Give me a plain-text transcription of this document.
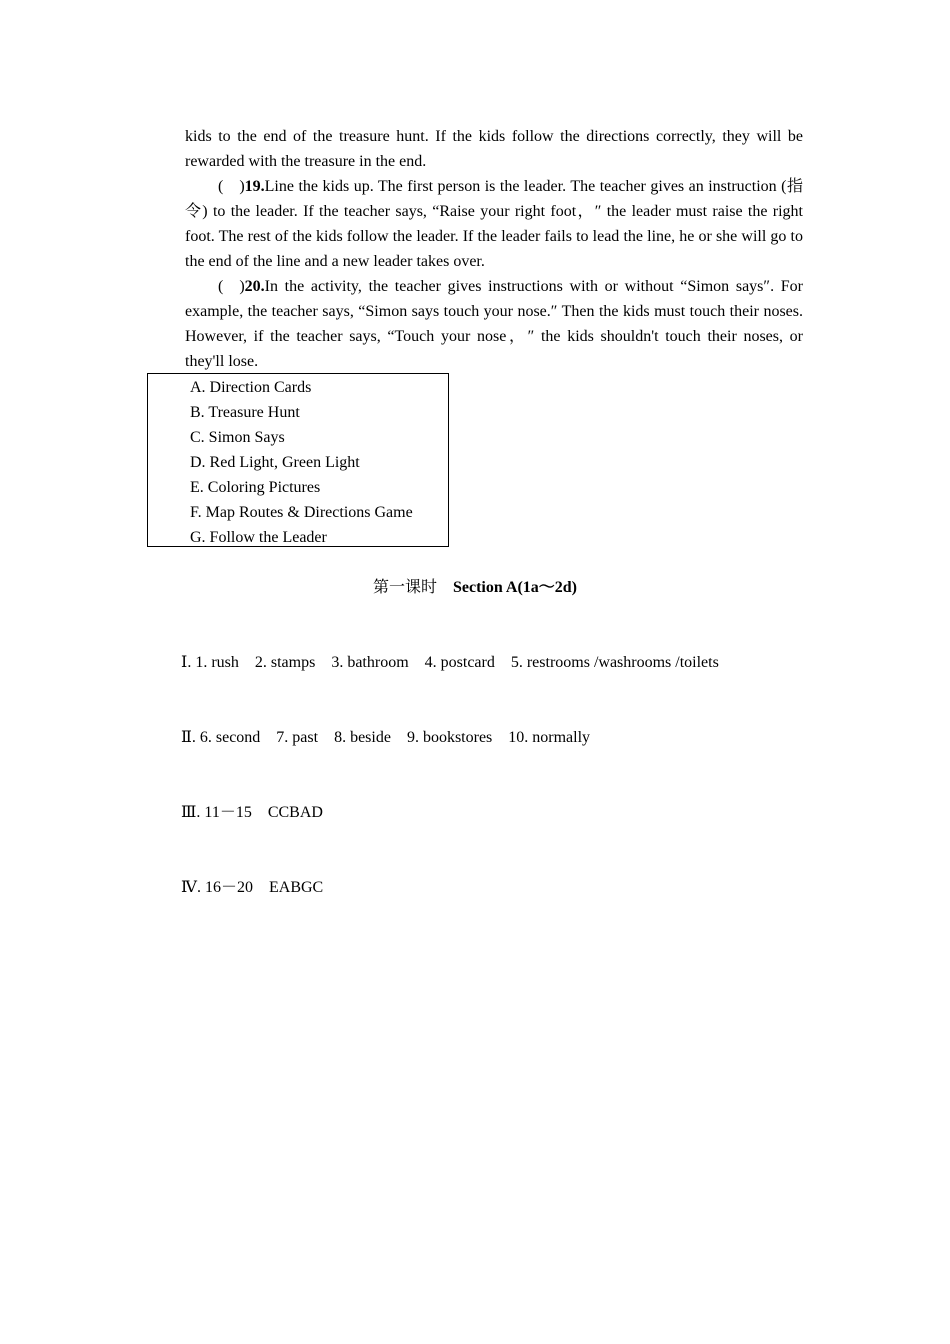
kids to the end of the treasure hunt. If the kids follow the directions correctly, they will be rewarded with the treasure in the end.

(  )19.Line the kids up. The first person is the leader. The teacher gives an instruction (指令) to the leader. If the teacher says, “Raise your right foot，″ the leader must raise the right foot. The rest of the kids follow the leader. If the leader fails to lead the line, he or she will go to the end of the line and a new leader takes over.

(  )20.In the activity, the teacher gives instructions with or without “Simon says″. For example, the teacher says, “Simon says touch your nose.″ Then the kids must touch their noses. However, if the teacher says, “Touch your nose，″ the kids shouldn't touch their noses, or they'll lose.

A. Direction Cards
B. Treasure Hunt
C. Simon Says
D. Red Light, Green Light
E. Coloring Pictures
F. Map Routes & Directions Game
G. Follow the Leader
第一课时  Section A(1a～2d)

Ⅰ. 1. rush    2. stamps    3. bathroom    4. postcard    5. restrooms /washrooms /toilets

Ⅱ. 6. second    7. past    8. beside    9. bookstores    10. normally

Ⅲ. 11－15    CCBAD

Ⅳ. 16－20    EABGC
